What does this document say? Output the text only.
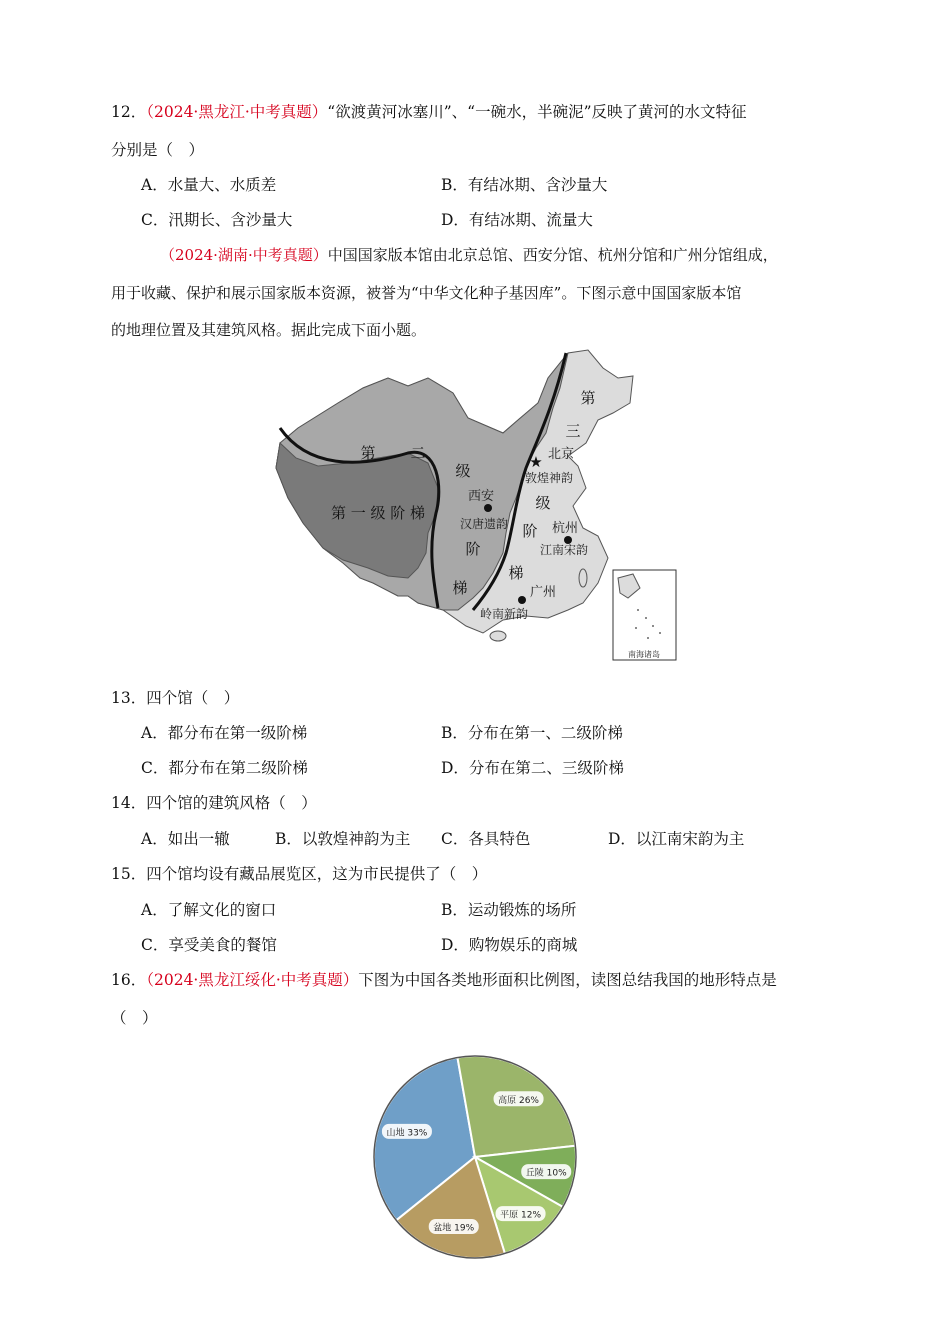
12．（2024·黑龙江·中考真题）“欲渡黄河冰塞川”、“一碗水，半碗泥”反映了黄河的水文特征
分别是（　）
A．水量大、水质差	B．有结冰期、含沙量大
C．汛期长、含沙量大	D．有结冰期、流量大
（2024·湖南·中考真题）中国国家版本馆由北京总馆、西安分馆、杭州分馆和广州分馆组成，
用于收藏、保护和展示国家版本资源，被誉为“中华文化种子基因库”。下图示意中国国家版本馆
的地理位置及其建筑风格。据此完成下面小题。
南海诸岛
第 一 级 阶 梯
第 二
级
阶
梯
第
三
级
阶
梯
★ 北京
敦煌神韵
西安
汉唐遗韵	杭州
江南宋韵
广州
岭南新韵
13．四个馆（　）
A．都分布在第一级阶梯	B．分布在第一、二级阶梯
C．都分布在第二级阶梯	D．分布在第二、三级阶梯
14．四个馆的建筑风格（　）
A．如出一辙	B．以敦煌神韵为主 C．各具特色	D．以江南宋韵为主
15．四个馆均设有藏品展览区，这为市民提供了（　）
A．了解文化的窗口	B．运动锻炼的场所
C．享受美食的餐馆	D．购物娱乐的商城
16．（2024·黑龙江绥化·中考真题）下图为中国各类地形面积比例图，读图总结我国的地形特点是
（　）
山地 33%
高原 26%
丘陵 10%
平原 12%
盆地 19%
